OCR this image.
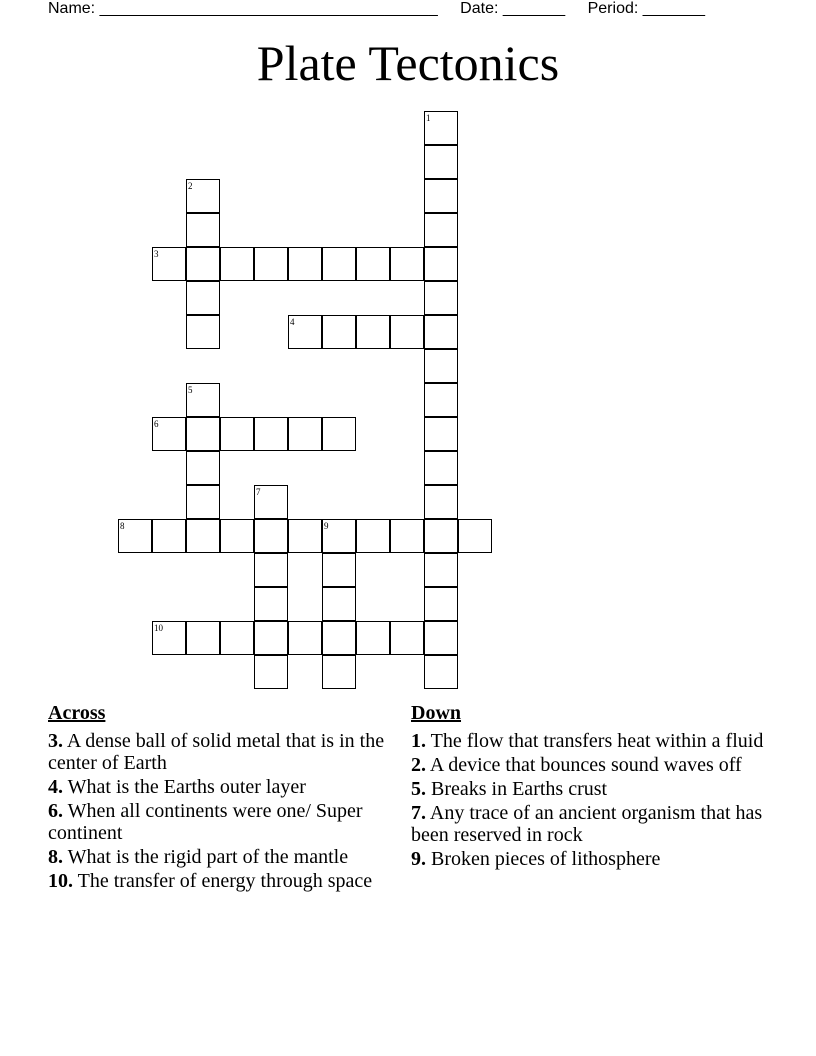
Name: ______________________________________ Date: _______ Period: _______
Plate Tectonics
1
2
3
4
5
6
7
8	9
10
Across
3. A dense ball of solid metal that is in the center of Earth
4. What is the Earths outer layer
6. When all continents were one/ Super continent
8. What is the rigid part of the mantle
10. The transfer of energy through space
Down
1. The flow that transfers heat within a fluid
2. A device that bounces sound waves off
5. Breaks in Earths crust
7. Any trace of an ancient organism that has been reserved in rock
9. Broken pieces of lithosphere
